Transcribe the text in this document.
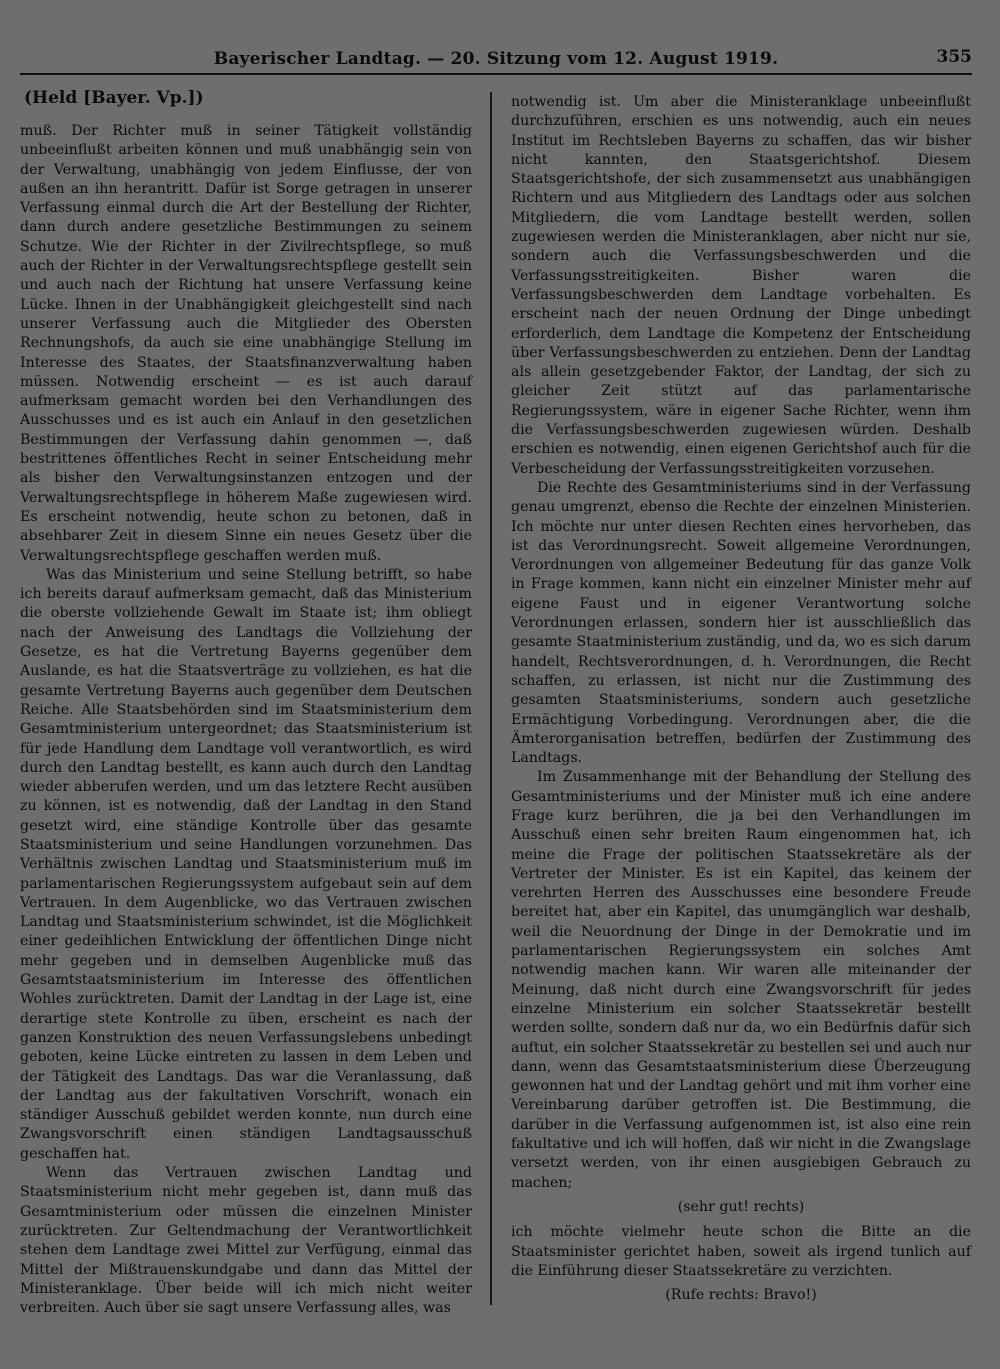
Bayerischer Landtag. — 20. Sitzung vom 12. August 1919.	355
(Held [Bayer. Vp.])

muß. Der Richter muß in seiner Tätigkeit vollständig unbeeinflußt arbeiten können und muß unabhängig sein von der Verwaltung, unabhängig von jedem Einflusse, der von außen an ihn herantritt. Dafür ist Sorge getragen in unserer Verfassung einmal durch die Art der Bestellung der Richter, dann durch andere gesetzliche Bestimmungen zu seinem Schutze. Wie der Richter in der Zivilrechtspflege, so muß auch der Richter in der Verwaltungsrechtspflege gestellt sein und auch nach der Richtung hat unsere Verfassung keine Lücke. Ihnen in der Unabhängigkeit gleichgestellt sind nach unserer Verfassung auch die Mitglieder des Obersten Rechnungshofs, da auch sie eine unabhängige Stellung im Interesse des Staates, der Staatsfinanzverwaltung haben müssen. Notwendig erscheint — es ist auch darauf aufmerksam gemacht worden bei den Verhandlungen des Ausschusses und es ist auch ein Anlauf in den gesetzlichen Bestimmungen der Verfassung dahin genommen —, daß bestrittenes öffentliches Recht in seiner Entscheidung mehr als bisher den Verwaltungsinstanzen entzogen und der Verwaltungsrechtspflege in höherem Maße zugewiesen wird. Es erscheint notwendig, heute schon zu betonen, daß in absehbarer Zeit in diesem Sinne ein neues Gesetz über die Verwaltungsrechtspflege geschaffen werden muß.

Was das Ministerium und seine Stellung betrifft, so habe ich bereits darauf aufmerksam gemacht, daß das Ministerium die oberste vollziehende Gewalt im Staate ist; ihm obliegt nach der Anweisung des Landtags die Vollziehung der Gesetze, es hat die Vertretung Bayerns gegenüber dem Auslande, es hat die Staatsverträge zu vollziehen, es hat die gesamte Vertretung Bayerns auch gegenüber dem Deutschen Reiche. Alle Staatsbehörden sind im Staatsministerium dem Gesamtministerium untergeordnet; das Staatsministerium ist für jede Handlung dem Landtage voll verantwortlich, es wird durch den Landtag bestellt, es kann auch durch den Landtag wieder abberufen werden, und um das letztere Recht ausüben zu können, ist es notwendig, daß der Landtag in den Stand gesetzt wird, eine ständige Kontrolle über das gesamte Staatsministerium und seine Handlungen vorzunehmen. Das Verhältnis zwischen Landtag und Staatsministerium muß im parlamentarischen Regierungssystem aufgebaut sein auf dem Vertrauen. In dem Augenblicke, wo das Vertrauen zwischen Landtag und Staatsministerium schwindet, ist die Möglichkeit einer gedeihlichen Entwicklung der öffentlichen Dinge nicht mehr gegeben und in demselben Augenblicke muß das Gesamtstaatsministerium im Interesse des öffentlichen Wohles zurücktreten. Damit der Landtag in der Lage ist, eine derartige stete Kontrolle zu üben, erscheint es nach der ganzen Konstruktion des neuen Verfassungslebens unbedingt geboten, keine Lücke eintreten zu lassen in dem Leben und der Tätigkeit des Landtags. Das war die Veranlassung, daß der Landtag aus der fakultativen Vorschrift, wonach ein ständiger Ausschuß gebildet werden konnte, nun durch eine Zwangsvorschrift einen ständigen Landtagsausschuß geschaffen hat.

Wenn das Vertrauen zwischen Landtag und Staatsministerium nicht mehr gegeben ist, dann muß das Gesamtministerium oder müssen die einzelnen Minister zurücktreten. Zur Geltendmachung der Verantwortlichkeit stehen dem Landtage zwei Mittel zur Verfügung, einmal das Mittel der Mißtrauenskundgabe und dann das Mittel der Ministeranklage. Über beide will ich mich nicht weiter verbreiten. Auch über sie sagt unsere Verfassung alles, was

notwendig ist. Um aber die Ministeranklage unbeeinflußt durchzuführen, erschien es uns notwendig, auch ein neues Institut im Rechtsleben Bayerns zu schaffen, das wir bisher nicht kannten, den Staatsgerichtshof. Diesem Staatsgerichtshofe, der sich zusammensetzt aus unabhängigen Richtern und aus Mitgliedern des Landtags oder aus solchen Mitgliedern, die vom Landtage bestellt werden, sollen zugewiesen werden die Ministeranklagen, aber nicht nur sie, sondern auch die Verfassungsbeschwerden und die Verfassungsstreitigkeiten. Bisher waren die Verfassungsbeschwerden dem Landtage vorbehalten. Es erscheint nach der neuen Ordnung der Dinge unbedingt erforderlich, dem Landtage die Kompetenz der Entscheidung über Verfassungsbeschwerden zu entziehen. Denn der Landtag als allein gesetzgebender Faktor, der Landtag, der sich zu gleicher Zeit stützt auf das parlamentarische Regierungssystem, wäre in eigener Sache Richter, wenn ihm die Verfassungsbeschwerden zugewiesen würden. Deshalb erschien es notwendig, einen eigenen Gerichtshof auch für die Verbescheidung der Verfassungsstreitigkeiten vorzusehen.

Die Rechte des Gesamtministeriums sind in der Verfassung genau umgrenzt, ebenso die Rechte der einzelnen Ministerien. Ich möchte nur unter diesen Rechten eines hervorheben, das ist das Verordnungsrecht. Soweit allgemeine Verordnungen, Verordnungen von allgemeiner Bedeutung für das ganze Volk in Frage kommen, kann nicht ein einzelner Minister mehr auf eigene Faust und in eigener Verantwortung solche Verordnungen erlassen, sondern hier ist ausschließlich das gesamte Staatministerium zuständig, und da, wo es sich darum handelt, Rechtsverordnungen, d. h. Verordnungen, die Recht schaffen, zu erlassen, ist nicht nur die Zustimmung des gesamten Staatsministeriums, sondern auch gesetzliche Ermächtigung Vorbedingung. Verordnungen aber, die die Ämterorganisation betreffen, bedürfen der Zustimmung des Landtags.

Im Zusammenhange mit der Behandlung der Stellung des Gesamtministeriums und der Minister muß ich eine andere Frage kurz berühren, die ja bei den Verhandlungen im Ausschuß einen sehr breiten Raum eingenommen hat, ich meine die Frage der politischen Staatssekretäre als der Vertreter der Minister. Es ist ein Kapitel, das keinem der verehrten Herren des Ausschusses eine besondere Freude bereitet hat, aber ein Kapitel, das unumgänglich war deshalb, weil die Neuordnung der Dinge in der Demokratie und im parlamentarischen Regierungssystem ein solches Amt notwendig machen kann. Wir waren alle miteinander der Meinung, daß nicht durch eine Zwangsvorschrift für jedes einzelne Ministerium ein solcher Staatssekretär bestellt werden sollte, sondern daß nur da, wo ein Bedürfnis dafür sich auftut, ein solcher Staatssekretär zu bestellen sei und auch nur dann, wenn das Gesamtstaatsministerium diese Überzeugung gewonnen hat und der Landtag gehört und mit ihm vorher eine Vereinbarung darüber getroffen ist. Die Bestimmung, die darüber in die Verfassung aufgenommen ist, ist also eine rein fakultative und ich will hoffen, daß wir nicht in die Zwangslage versetzt werden, von ihr einen ausgiebigen Gebrauch zu machen;

(sehr gut! rechts)

ich möchte vielmehr heute schon die Bitte an die Staatsminister gerichtet haben, soweit als irgend tunlich auf die Einführung dieser Staatssekretäre zu verzichten.

(Rufe rechts: Bravo!)
